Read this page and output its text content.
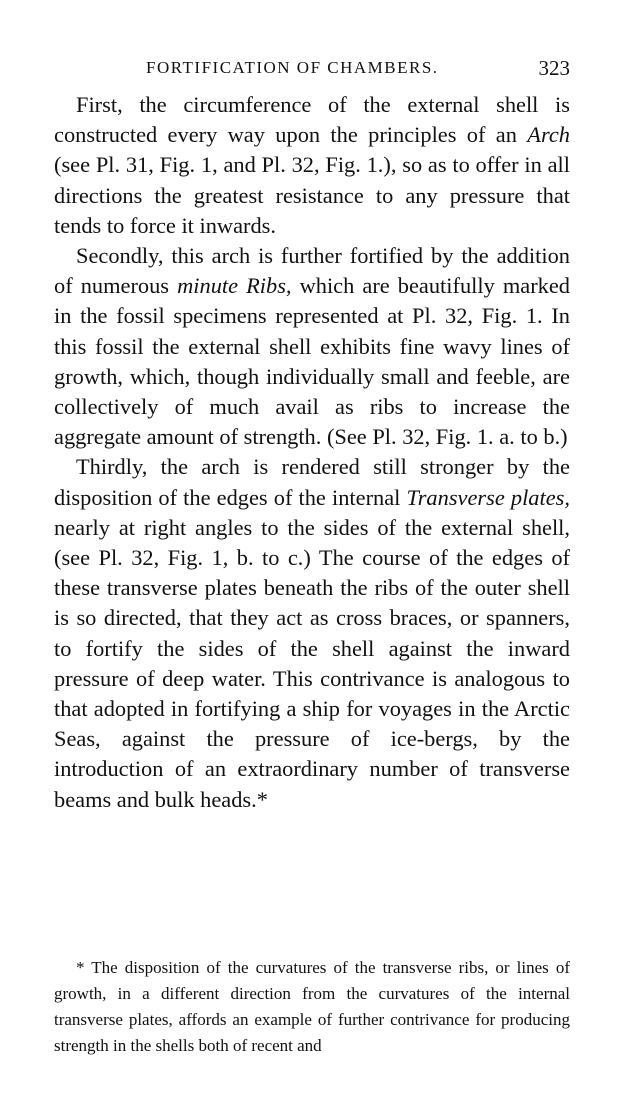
FORTIFICATION OF CHAMBERS.	323

First, the circumference of the external shell is constructed every way upon the principles of an Arch (see Pl. 31, Fig. 1, and Pl. 32, Fig. 1.), so as to offer in all directions the greatest resistance to any pressure that tends to force it inwards.

Secondly, this arch is further fortified by the addition of numerous minute Ribs, which are beautifully marked in the fossil specimens represented at Pl. 32, Fig. 1. In this fossil the external shell exhibits fine wavy lines of growth, which, though individually small and feeble, are collectively of much avail as ribs to increase the aggregate amount of strength. (See Pl. 32, Fig. 1. a. to b.)

Thirdly, the arch is rendered still stronger by the disposition of the edges of the internal Transverse plates, nearly at right angles to the sides of the external shell, (see Pl. 32, Fig. 1, b. to c.) The course of the edges of these transverse plates beneath the ribs of the outer shell is so directed, that they act as cross braces, or spanners, to fortify the sides of the shell against the inward pressure of deep water. This contrivance is analogous to that adopted in fortifying a ship for voyages in the Arctic Seas, against the pressure of ice-bergs, by the introduction of an extraordinary number of transverse beams and bulk heads.*

* The disposition of the curvatures of the transverse ribs, or lines of growth, in a different direction from the curvatures of the internal transverse plates, affords an example of further contrivance for producing strength in the shells both of recent and
